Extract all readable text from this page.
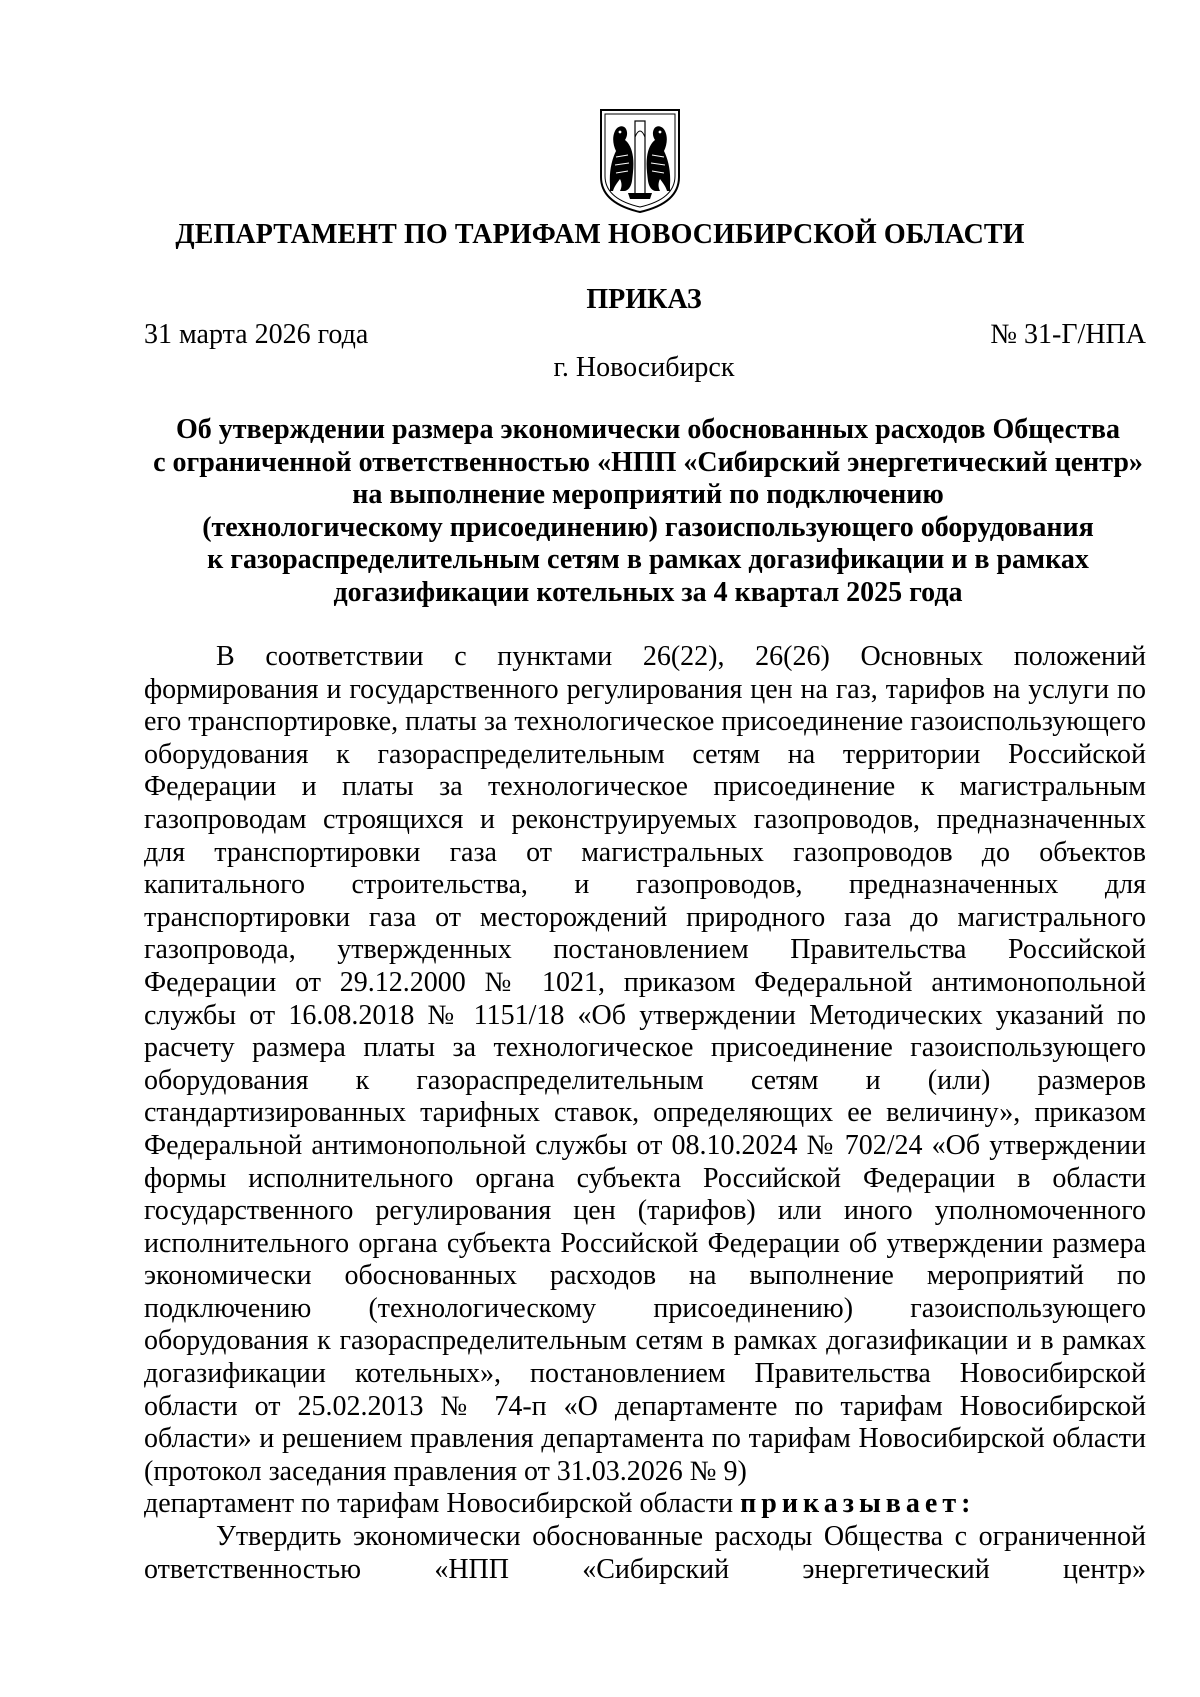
ДЕПАРТАМЕНТ ПО ТАРИФАМ НОВОСИБИРСКОЙ ОБЛАСТИ
ПРИКАЗ
31 марта 2026 года	№ 31-Г/НПА
г. Новосибирск
Об утверждении размера экономически обоснованных расходов Общества
с ограниченной ответственностью «НПП «Сибирский энергетический центр»
на выполнение мероприятий по подключению
(технологическому присоединению) газоиспользующего оборудования
к газораспределительным сетям в рамках догазификации и в рамках
догазификации котельных за 4 квартал 2025 года

В соответствии с пунктами 26(22), 26(26) Основных положений формирования и государственного регулирования цен на газ, тарифов на услуги по его транспортировке, платы за технологическое присоединение газоиспользующего оборудования к газораспределительным сетям на территории Российской Федерации и платы за технологическое присоединение к магистральным газопроводам строящихся и реконструируемых газопроводов, предназначенных для транспортировки газа от магистральных газопроводов до объектов капитального строительства, и газопроводов, предназначенных для транспортировки газа от месторождений природного газа до магистрального газопровода, утвержденных постановлением Правительства Российской Федерации от 29.12.2000 № 1021, приказом Федеральной антимонопольной службы от 16.08.2018 № 1151/18 «Об утверждении Методических указаний по расчету размера платы за технологическое присоединение газоиспользующего оборудования к газораспределительным сетям и (или) размеров стандартизированных тарифных ставок, определяющих ее величину», приказом Федеральной антимонопольной службы от 08.10.2024 № 702/24 «Об утверждении формы исполнительного органа субъекта Российской Федерации в области государственного регулирования цен (тарифов) или иного уполномоченного исполнительного органа субъекта Российской Федерации об утверждении размера экономически обоснованных расходов на выполнение мероприятий по подключению (технологическому присоединению) газоиспользующего оборудования к газораспределительным сетям в рамках догазификации и в рамках догазификации котельных», постановлением Правительства Новосибирской области от 25.02.2013 № 74-п «О департаменте по тарифам Новосибирской области» и решением правления департамента по тарифам Новосибирской области (протокол заседания правления от 31.03.2026 № 9)

департамент по тарифам Новосибирской области приказывает:

Утвердить экономически обоснованные расходы Общества с ограниченной ответственностью «НПП «Сибирский энергетический центр»
